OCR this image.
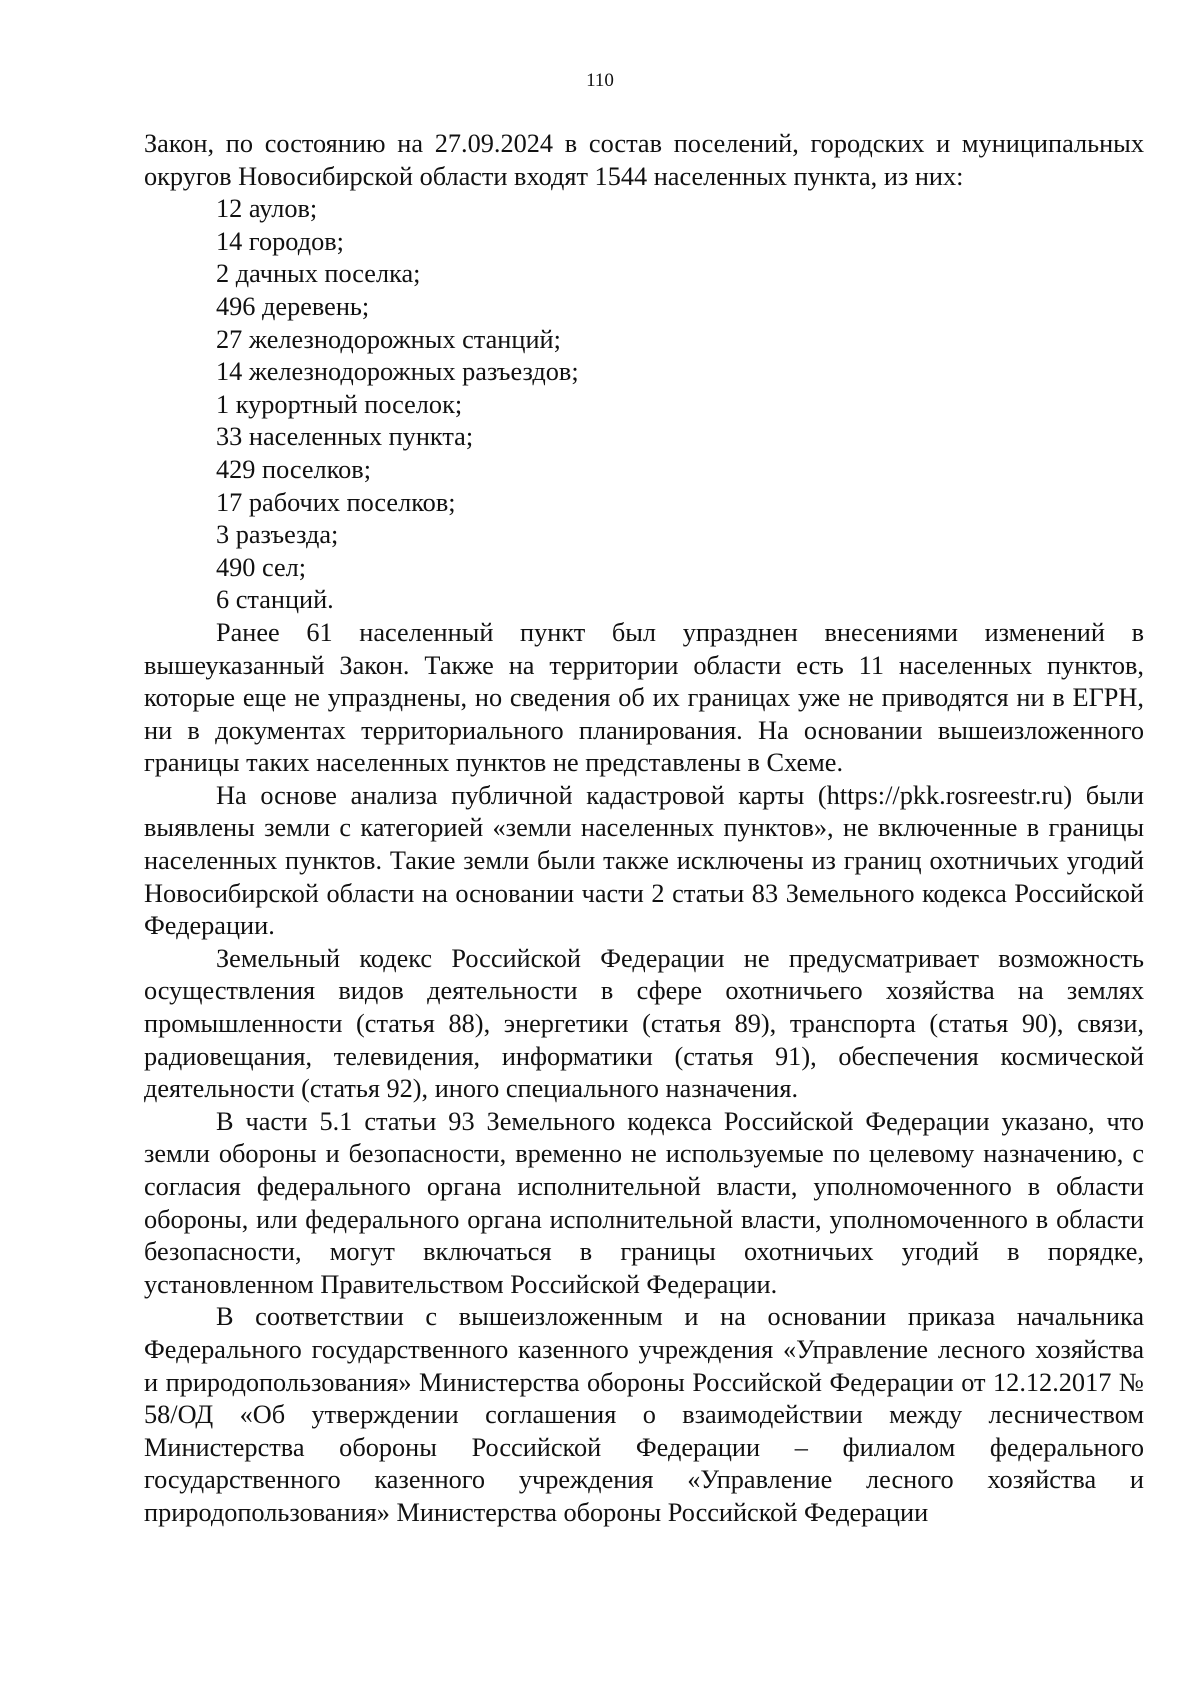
110

Закон, по состоянию на 27.09.2024 в состав поселений, городских и муниципальных округов Новосибирской области входят 1544 населенных пункта, из них:

12 аулов;
14 городов;
2 дачных поселка;
496 деревень;
27 железнодорожных станций;
14 железнодорожных разъездов;
1 курортный поселок;
33 населенных пункта;
429 поселков;
17 рабочих поселков;
3 разъезда;
490 сел;
6 станций.

Ранее 61 населенный пункт был упразднен внесениями изменений в вышеуказанный Закон. Также на территории области есть 11 населенных пунктов, которые еще не упразднены, но сведения об их границах уже не приводятся ни в ЕГРН, ни в документах территориального планирования. На основании вышеизложенного границы таких населенных пунктов не представлены в Схеме.

На основе анализа публичной кадастровой карты (https://pkk.rosreestr.ru) были выявлены земли с категорией «земли населенных пунктов», не включенные в границы населенных пунктов. Такие земли были также исключены из границ охотничьих угодий Новосибирской области на основании части 2 статьи 83 Земельного кодекса Российской Федерации.

Земельный кодекс Российской Федерации не предусматривает возможность осуществления видов деятельности в сфере охотничьего хозяйства на землях промышленности (статья 88), энергетики (статья 89), транспорта (статья 90), связи, радиовещания, телевидения, информатики (статья 91), обеспечения космической деятельности (статья 92), иного специального назначения.

В части 5.1 статьи 93 Земельного кодекса Российской Федерации указано, что земли обороны и безопасности, временно не используемые по целевому назначению, с согласия федерального органа исполнительной власти, уполномоченного в области обороны, или федерального органа исполнительной власти, уполномоченного в области безопасности, могут включаться в границы охотничьих угодий в порядке, установленном Правительством Российской Федерации.

В соответствии с вышеизложенным и на основании приказа начальника Федерального государственного казенного учреждения «Управление лесного хозяйства и природопользования» Министерства обороны Российской Федерации от 12.12.2017 № 58/ОД «Об утверждении соглашения о взаимодействии между лесничеством Министерства обороны Российской Федерации – филиалом федерального государственного казенного учреждения «Управление лесного хозяйства и природопользования» Министерства обороны Российской Федерации
